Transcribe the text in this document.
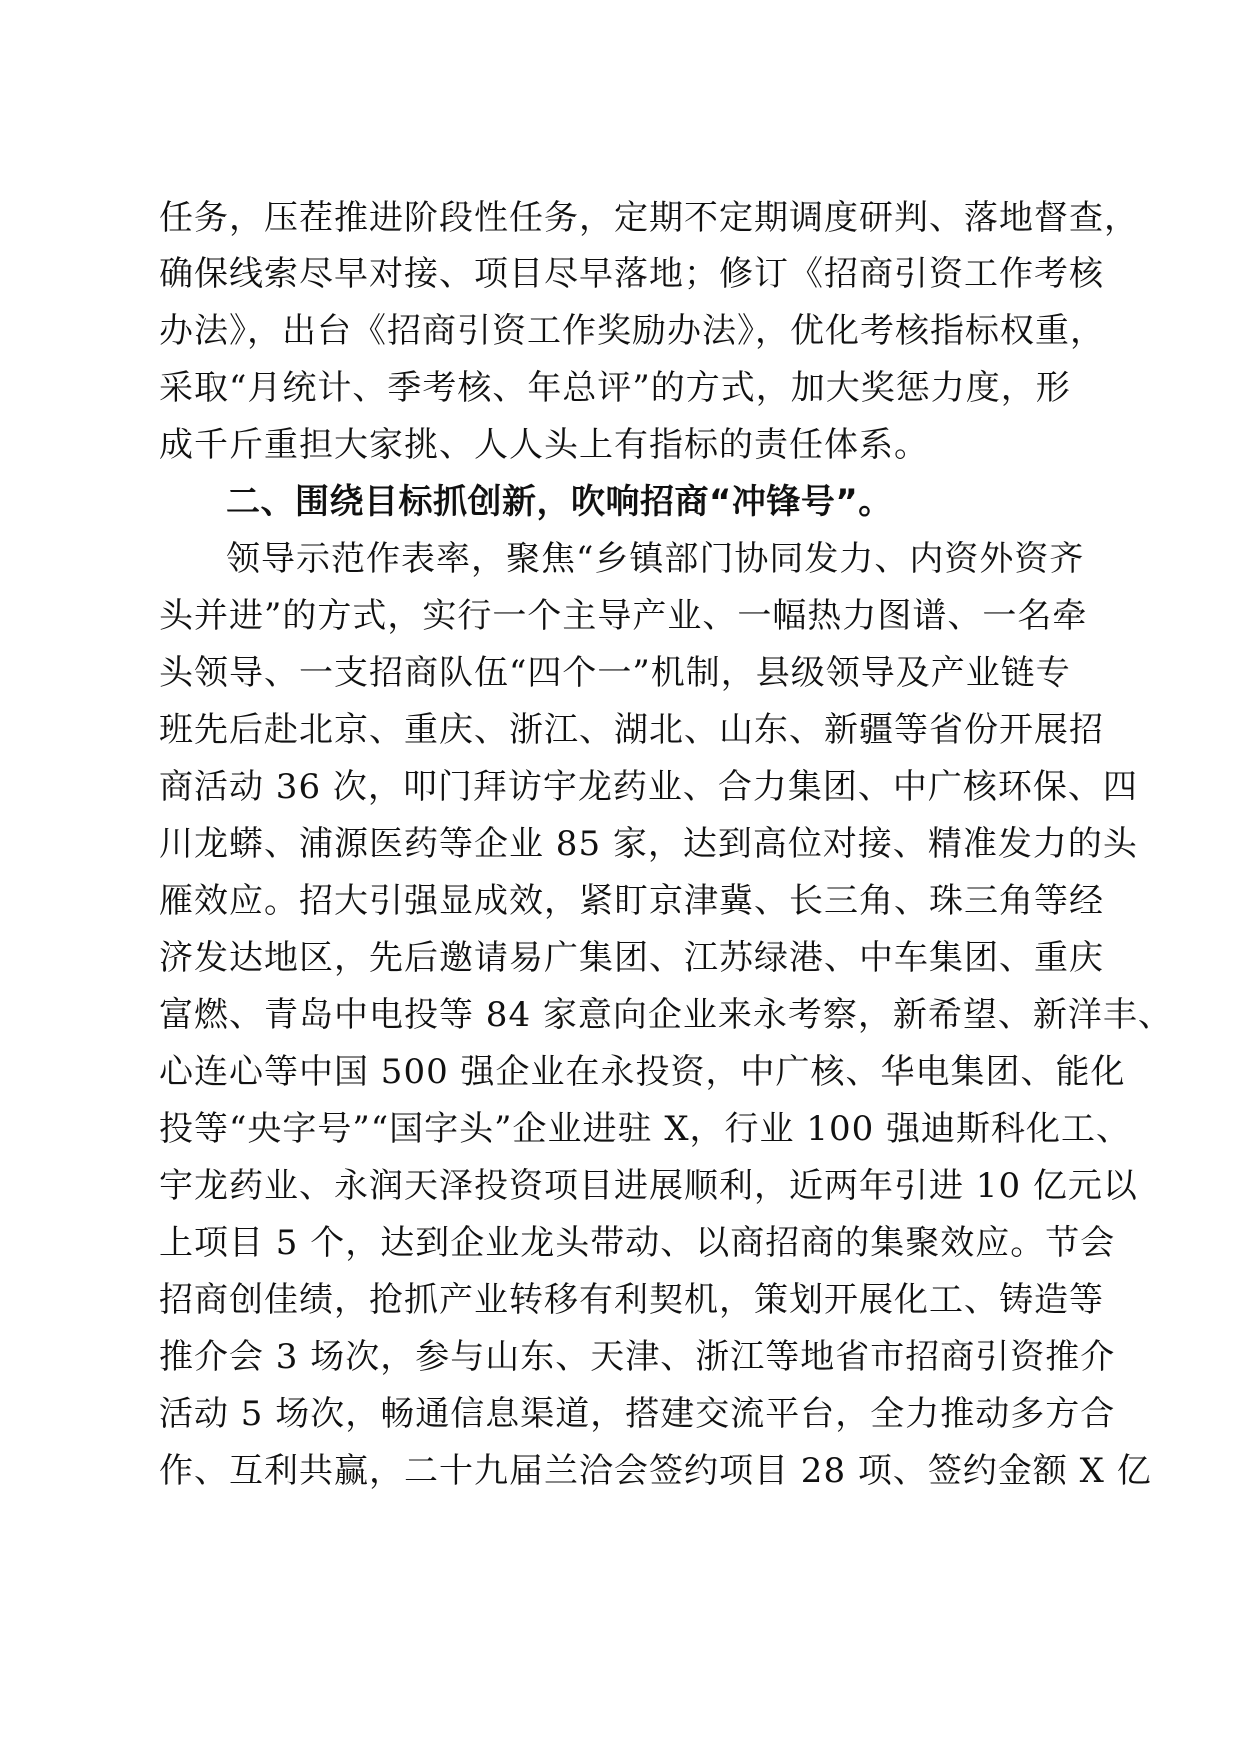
任务，压茬推进阶段性任务，定期不定期调度研判、落地督查，
确保线索尽早对接、项目尽早落地；修订《招商引资工作考核
办法》，出台《招商引资工作奖励办法》，优化考核指标权重，
采取“月统计、季考核、年总评”的方式，加大奖惩力度，形
成千斤重担大家挑、人人头上有指标的责任体系。
二、围绕目标抓创新，吹响招商“冲锋号”。
领导示范作表率，聚焦“乡镇部门协同发力、内资外资齐
头并进”的方式，实行一个主导产业、一幅热力图谱、一名牵
头领导、一支招商队伍“四个一”机制，县级领导及产业链专
班先后赴北京、重庆、浙江、湖北、山东、新疆等省份开展招
商活动 36 次，叩门拜访宇龙药业、合力集团、中广核环保、四
川龙蟒、浦源医药等企业 85 家，达到高位对接、精准发力的头
雁效应。招大引强显成效，紧盯京津冀、长三角、珠三角等经
济发达地区，先后邀请易广集团、江苏绿港、中车集团、重庆
富燃、青岛中电投等 84 家意向企业来永考察，新希望、新洋丰、
心连心等中国 500 强企业在永投资，中广核、华电集团、能化
投等“央字号”“国字头”企业进驻 X，行业 100 强迪斯科化工、
宇龙药业、永润天泽投资项目进展顺利，近两年引进 10 亿元以
上项目 5 个，达到企业龙头带动、以商招商的集聚效应。节会
招商创佳绩，抢抓产业转移有利契机，策划开展化工、铸造等
推介会 3 场次，参与山东、天津、浙江等地省市招商引资推介
活动 5 场次，畅通信息渠道，搭建交流平台，全力推动多方合
作、互利共赢，二十九届兰洽会签约项目 28 项、签约金额 X 亿
